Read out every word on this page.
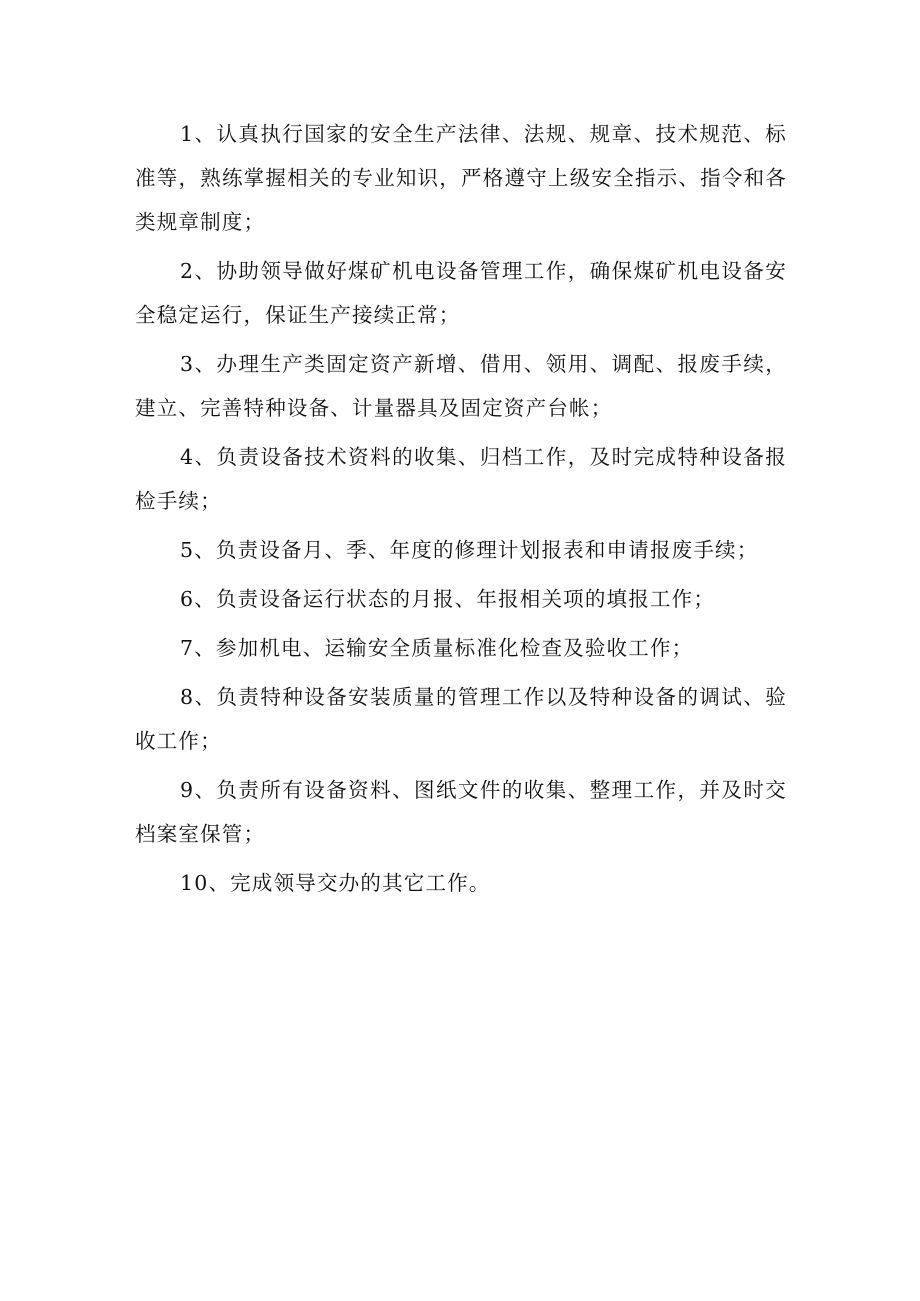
1、认真执行国家的安全生产法律、法规、规章、技术规范、标准等，熟练掌握相关的专业知识，严格遵守上级安全指示、指令和各类规章制度；

2、协助领导做好煤矿机电设备管理工作，确保煤矿机电设备安全稳定运行，保证生产接续正常；

3、办理生产类固定资产新增、借用、领用、调配、报废手续，建立、完善特种设备、计量器具及固定资产台帐；

4、负责设备技术资料的收集、归档工作，及时完成特种设备报检手续；

5、负责设备月、季、年度的修理计划报表和申请报废手续；

6、负责设备运行状态的月报、年报相关项的填报工作；

7、参加机电、运输安全质量标准化检查及验收工作；

8、负责特种设备安装质量的管理工作以及特种设备的调试、验收工作；

9、负责所有设备资料、图纸文件的收集、整理工作，并及时交档案室保管；

10、完成领导交办的其它工作。
